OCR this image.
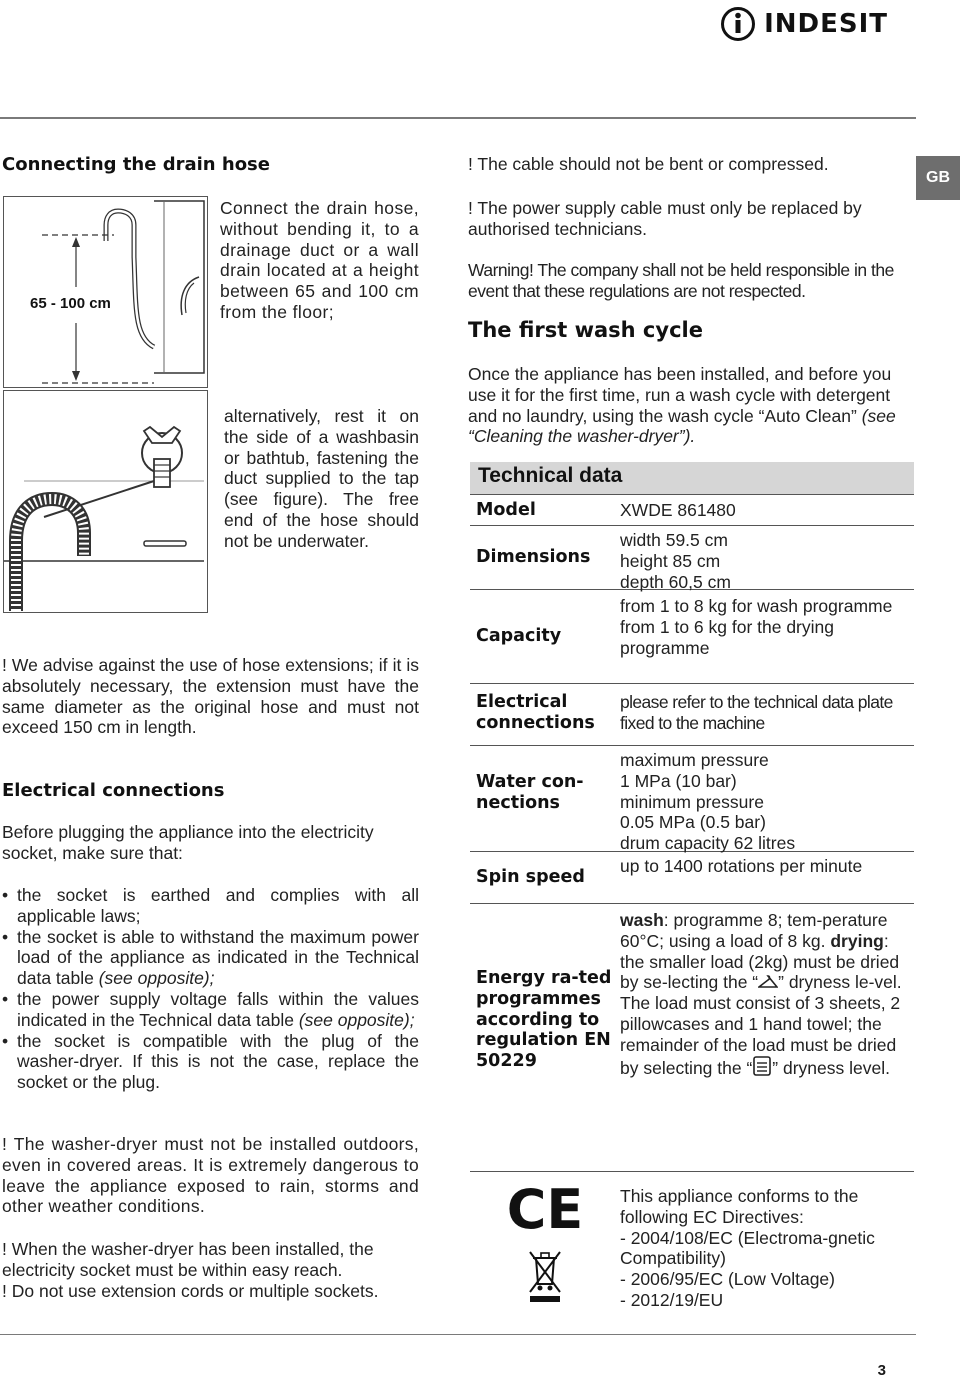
INDESIT
GB
Connecting the drain hose
65 - 100 cm

Connect the drain hose, without bending it, to a drainage duct or a wall drain located at a height between 65 and 100 cm from the floor;

alternatively, rest it on the side of a washbasin or bathtub, fastening the duct supplied to the tap (see figure). The free end of the hose should not be underwater.

! We advise against the use of hose extensions; if it is absolutely necessary, the extension must have the same diameter as the original hose and must not exceed 150 cm in length.

Electrical connections

Before plugging the appliance into the electricity socket, make sure that:

• the socket is earthed and complies with all applicable laws;
• the socket is able to withstand the maximum power load of the appliance as indicated in the Technical data table (see opposite);
• the power supply voltage falls within the values indicated in the Technical data table (see opposite);
• the socket is compatible with the plug of the washer-dryer. If this is not the case, replace the socket or the plug.

! The washer-dryer must not be installed outdoors, even in covered areas. It is extremely dangerous to leave the appliance exposed to rain, storms and other weather conditions.

! When the washer-dryer has been installed, the electricity socket must be within easy reach.

! Do not use extension cords or multiple sockets.

! The cable should not be bent or compressed.

! The power supply cable must only be replaced by authorised technicians.

Warning! The company shall not be held responsible in the event that these regulations are not respected.

The first wash cycle

Once the appliance has been installed, and before you use it for the first time, run a wash cycle with detergent and no laundry, using the wash cycle “Auto Clean” (see “Cleaning the washer-dryer”).

Technical data
Model	XWDE 861480
Dimensions
width 59.5 cm
height 85 cm
depth 60,5 cm
Capacity
from 1 to 8 kg for wash programme
from 1 to 6 kg for the drying programme
Electrical connections
please refer to the technical data plate fixed to the machine
Water con-nections
maximum pressure
1 MPa (10 bar)
minimum pressure
0.05 MPa (0.5 bar)
drum capacity 62 litres
Spin speed
up to 1400 rotations per minute
Energy ra-ted programmes according to regulation EN 50229
wash: programme 8; tem-perature 60°C; using a load of 8 kg. drying: the smaller load (2kg) must be dried by se-lecting the “ ” dryness le-vel. The load must consist of 3 sheets, 2 pillowcases and 1 hand towel; the remainder of the load must be dried by selecting the “ ” dryness level.
CE This appliance conforms to the following EC Directives:
- 2004/108/EC (Electroma-gnetic Compatibility)
- 2006/95/EC (Low Voltage)
- 2012/19/EU
3
